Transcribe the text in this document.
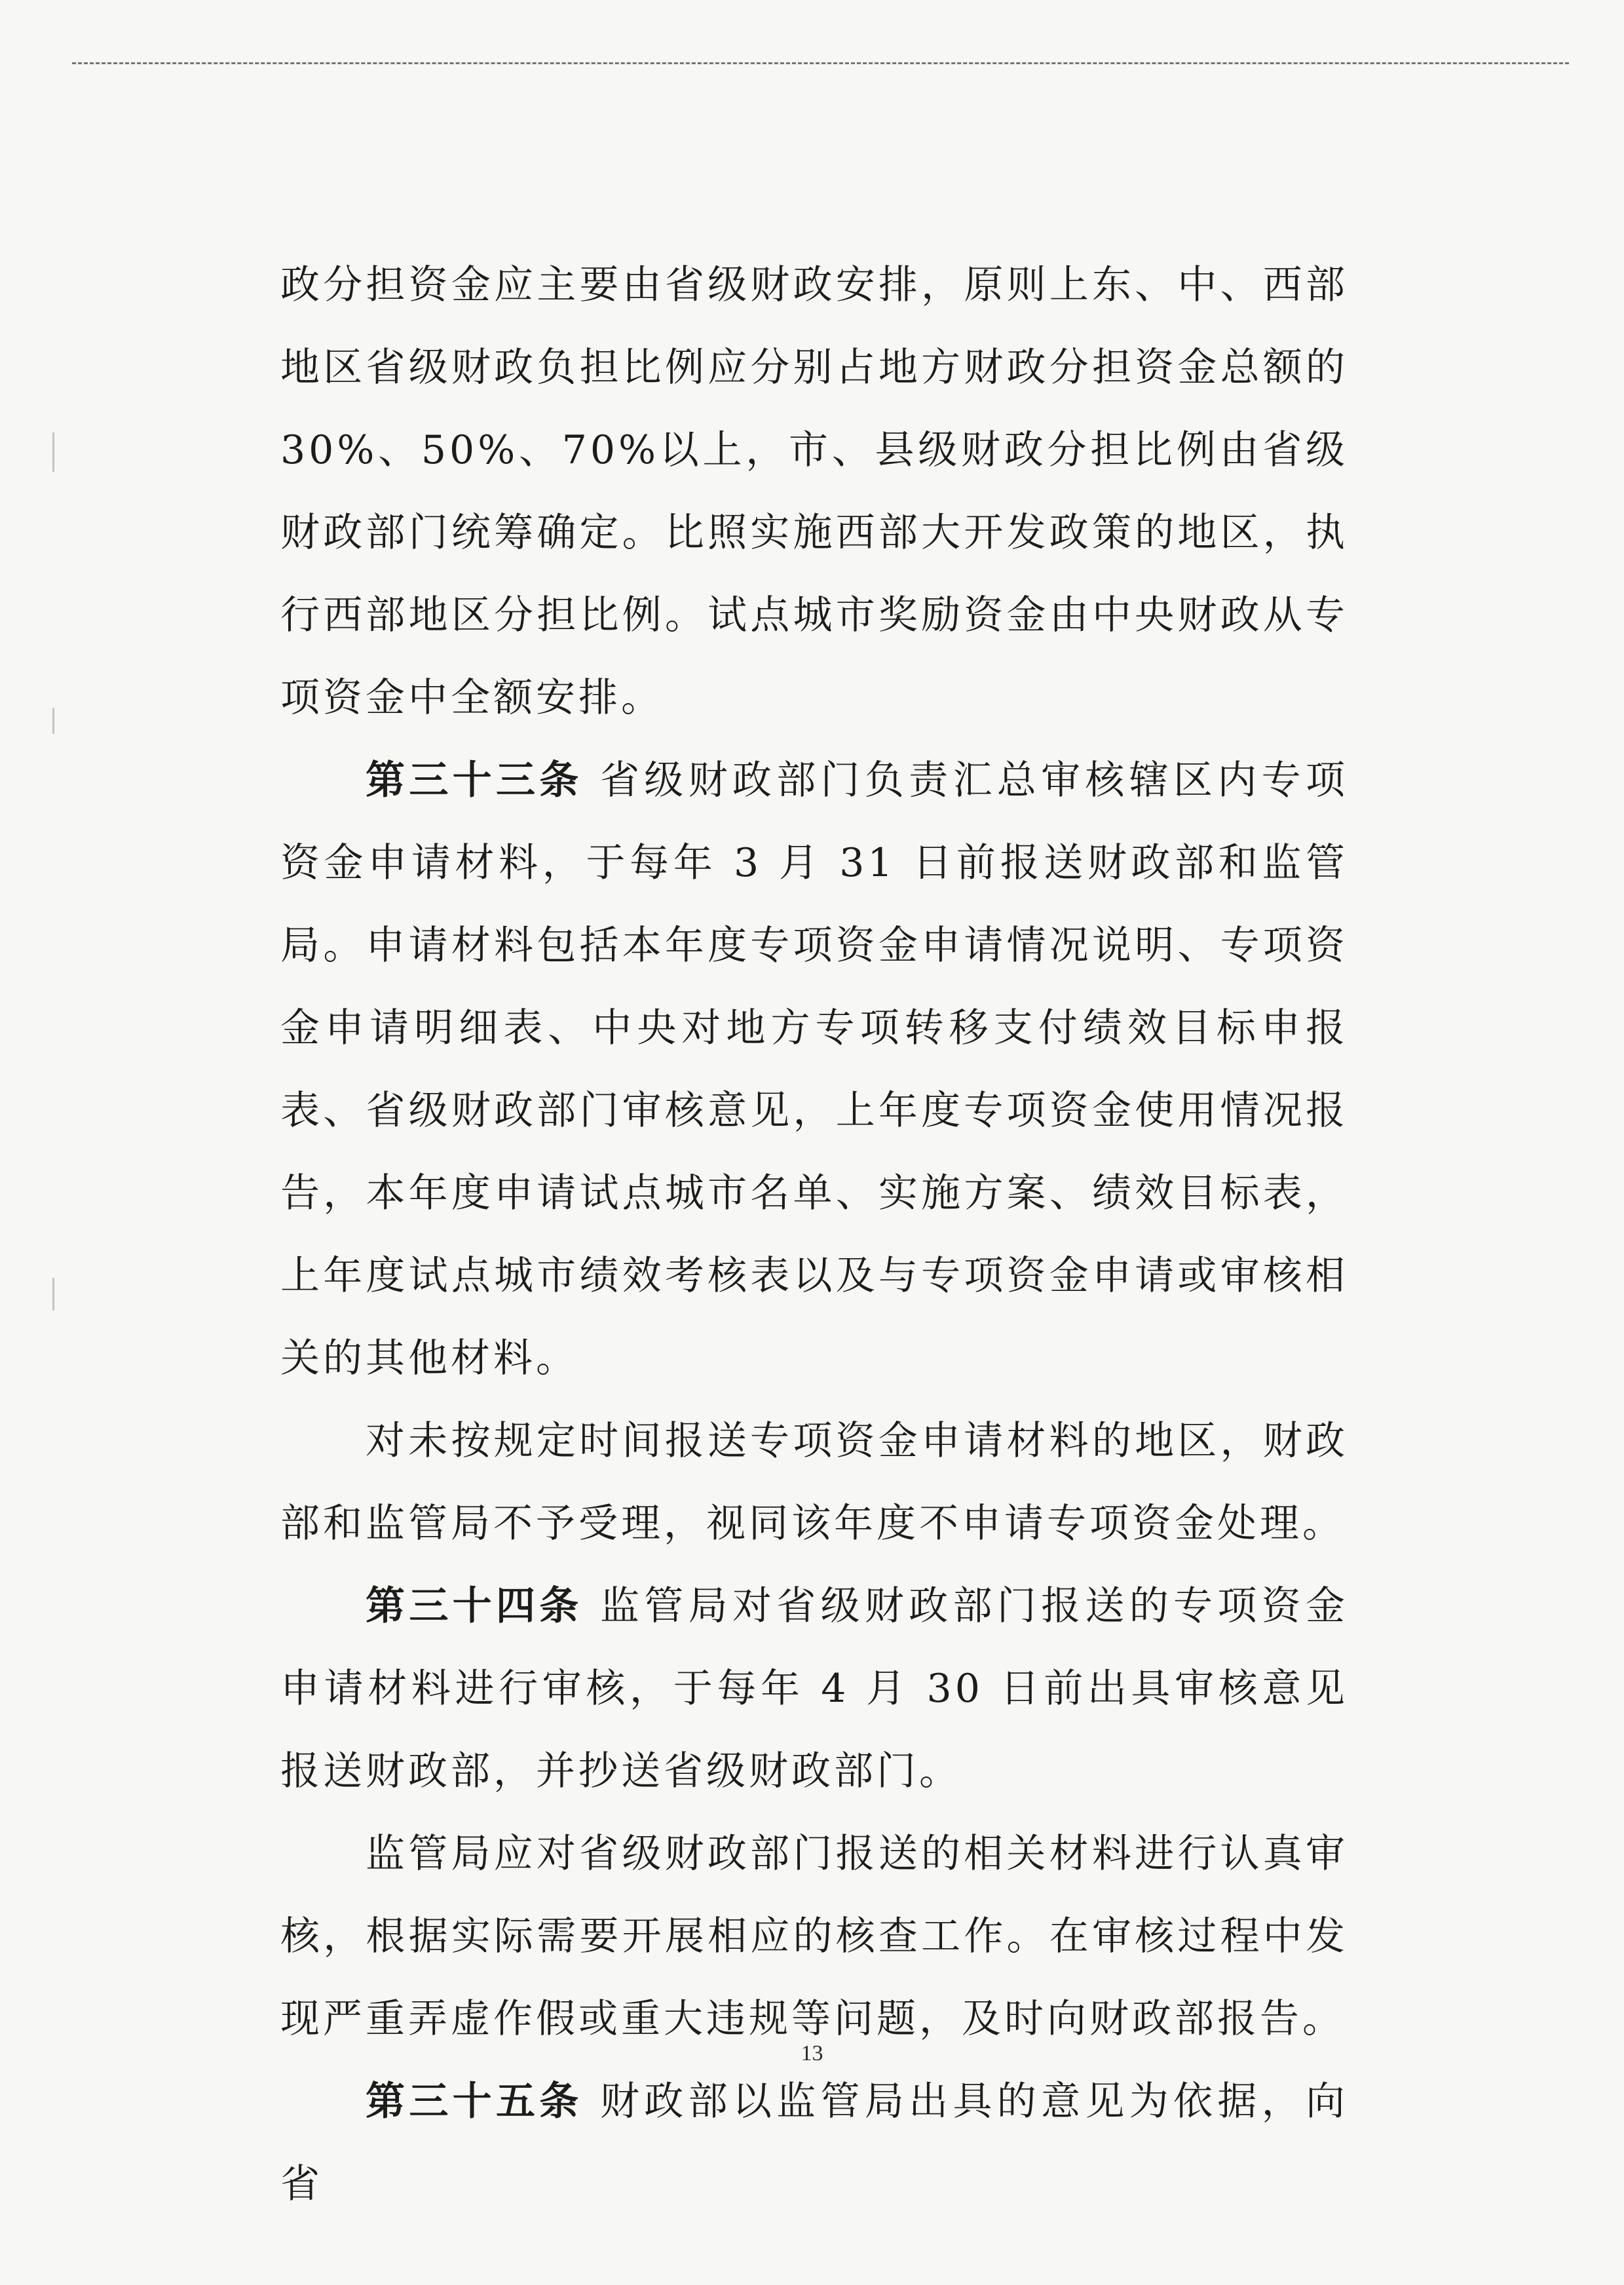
政分担资金应主要由省级财政安排，原则上东、中、西部地区省级财政负担比例应分别占地方财政分担资金总额的30%、50%、70%以上，市、县级财政分担比例由省级财政部门统筹确定。比照实施西部大开发政策的地区，执行西部地区分担比例。试点城市奖励资金由中央财政从专项资金中全额安排。

第三十三条 省级财政部门负责汇总审核辖区内专项资金申请材料，于每年 3 月 31 日前报送财政部和监管局。申请材料包括本年度专项资金申请情况说明、专项资金申请明细表、中央对地方专项转移支付绩效目标申报表、省级财政部门审核意见，上年度专项资金使用情况报告，本年度申请试点城市名单、实施方案、绩效目标表，上年度试点城市绩效考核表以及与专项资金申请或审核相关的其他材料。

对未按规定时间报送专项资金申请材料的地区，财政部和监管局不予受理，视同该年度不申请专项资金处理。

第三十四条 监管局对省级财政部门报送的专项资金申请材料进行审核，于每年 4 月 30 日前出具审核意见报送财政部，并抄送省级财政部门。

监管局应对省级财政部门报送的相关材料进行认真审核，根据实际需要开展相应的核查工作。在审核过程中发现严重弄虚作假或重大违规等问题，及时向财政部报告。

第三十五条 财政部以监管局出具的意见为依据，向省

13
